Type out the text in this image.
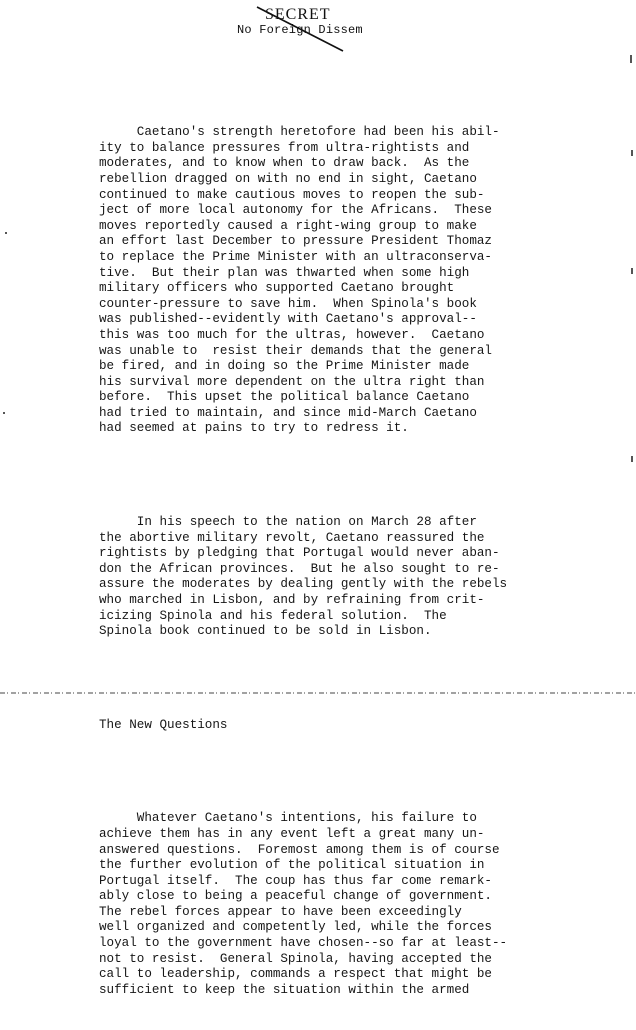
SECRET
No Foreign Dissem

Caetano's strength heretofore had been his abil-
ity to balance pressures from ultra-rightists and
moderates, and to know when to draw back.  As the
rebellion dragged on with no end in sight, Caetano
continued to make cautious moves to reopen the sub-
ject of more local autonomy for the Africans.  These
moves reportedly caused a right-wing group to make
an effort last December to pressure President Thomaz
to replace the Prime Minister with an ultraconserva-
tive.  But their plan was thwarted when some high
military officers who supported Caetano brought
counter-pressure to save him.  When Spinola's book
was published--evidently with Caetano's approval--
this was too much for the ultras, however.  Caetano
was unable to  resist their demands that the general
be fired, and in doing so the Prime Minister made
his survival more dependent on the ultra right than
before.  This upset the political balance Caetano
had tried to maintain, and since mid-March Caetano
had seemed at pains to try to redress it.

In his speech to the nation on March 28 after
the abortive military revolt, Caetano reassured the
rightists by pledging that Portugal would never aban-
don the African provinces.  But he also sought to re-
assure the moderates by dealing gently with the rebels
who marched in Lisbon, and by refraining from crit-
icizing Spinola and his federal solution.  The
Spinola book continued to be sold in Lisbon.

The New Questions

Whatever Caetano's intentions, his failure to
achieve them has in any event left a great many un-
answered questions.  Foremost among them is of course
the further evolution of the political situation in
Portugal itself.  The coup has thus far come remark-
ably close to being a peaceful change of government.
The rebel forces appear to have been exceedingly
well organized and competently led, while the forces
loyal to the government have chosen--so far at least--
not to resist.  General Spinola, having accepted the
call to leadership, commands a respect that might be
sufficient to keep the situation within the armed
